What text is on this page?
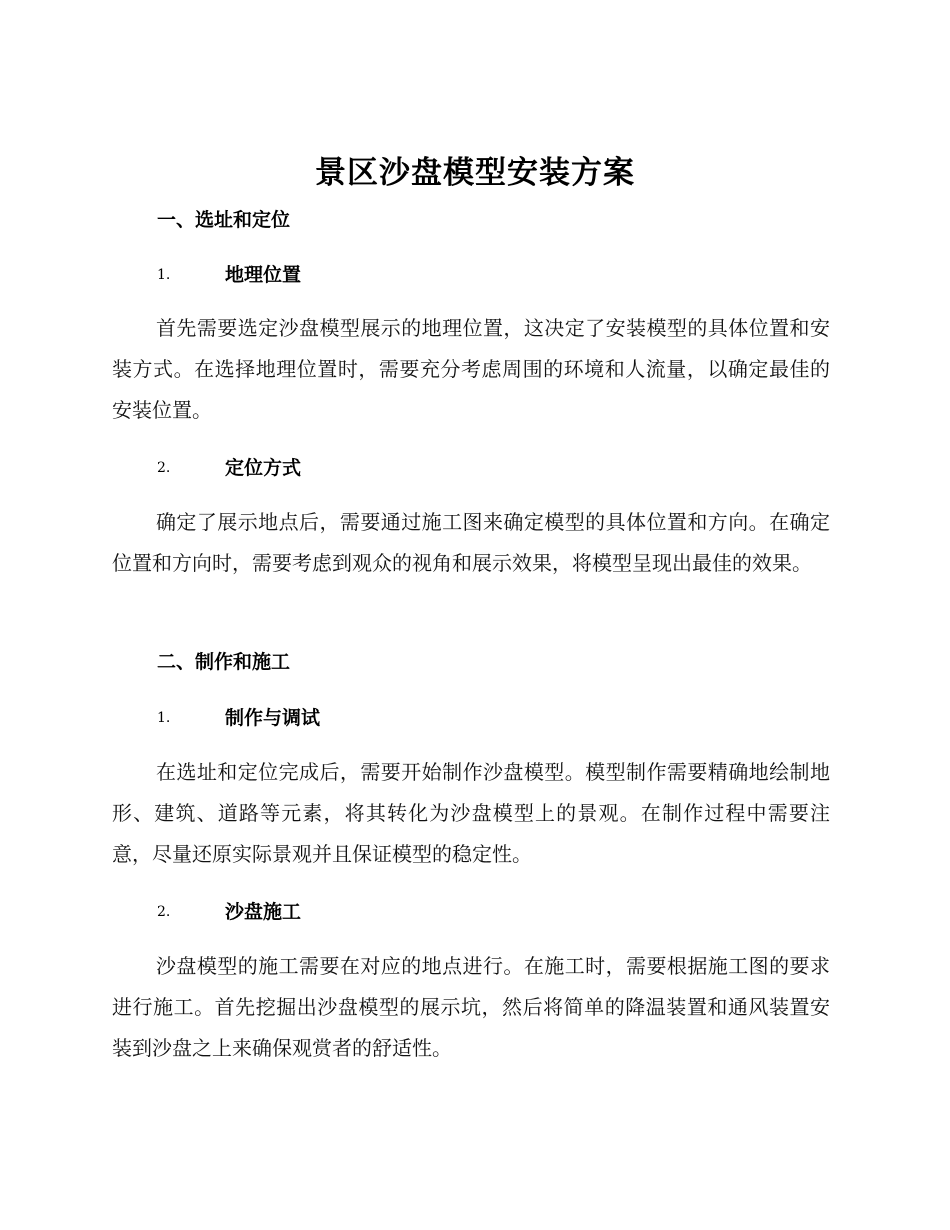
景区沙盘模型安装方案
一、选址和定位
1.	地理位置
首先需要选定沙盘模型展示的地理位置，这决定了安装模型的具体位置和安装方式。在选择地理位置时，需要充分考虑周围的环境和人流量，以确定最佳的安装位置。
2.	定位方式
确定了展示地点后，需要通过施工图来确定模型的具体位置和方向。在确定位置和方向时，需要考虑到观众的视角和展示效果，将模型呈现出最佳的效果。
二、制作和施工
1.	制作与调试
在选址和定位完成后，需要开始制作沙盘模型。模型制作需要精确地绘制地形、建筑、道路等元素，将其转化为沙盘模型上的景观。在制作过程中需要注意，尽量还原实际景观并且保证模型的稳定性。
2.	沙盘施工
沙盘模型的施工需要在对应的地点进行。在施工时，需要根据施工图的要求进行施工。首先挖掘出沙盘模型的展示坑，然后将简单的降温装置和通风装置安装到沙盘之上来确保观赏者的舒适性。
